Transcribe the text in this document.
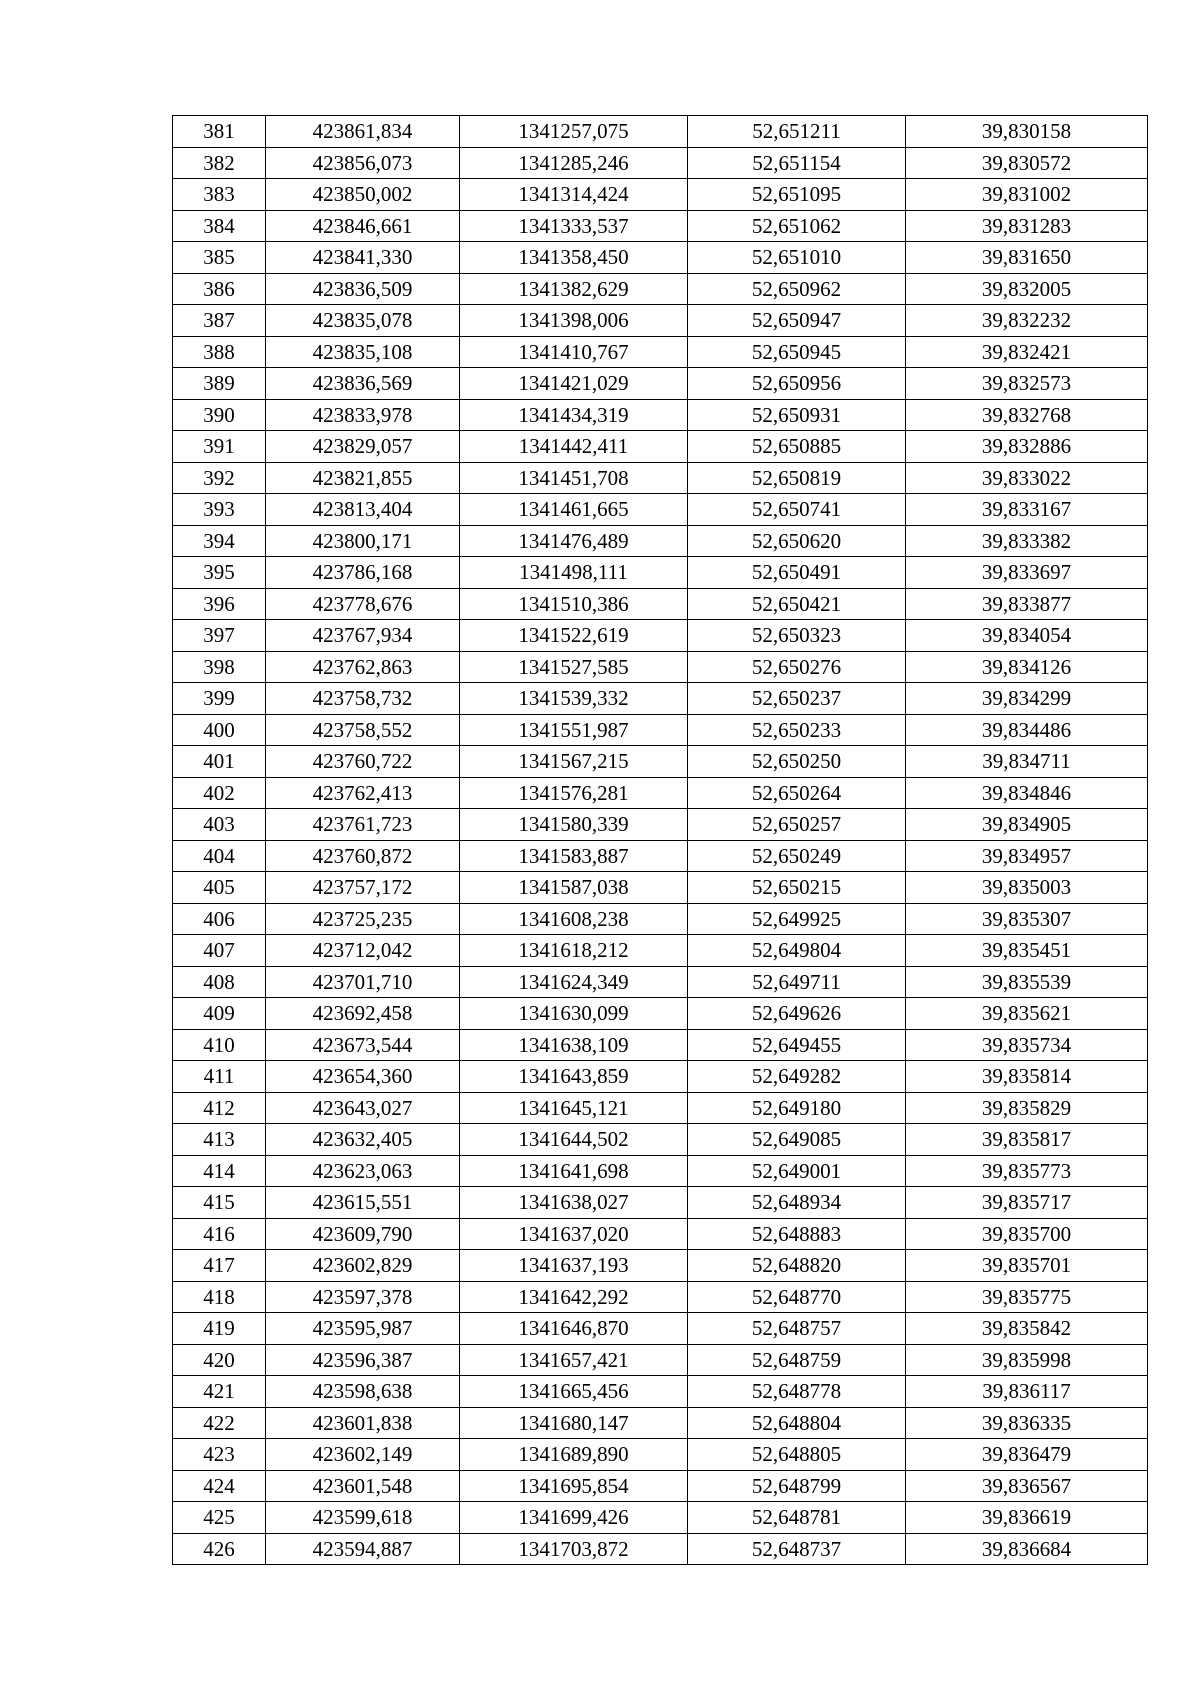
381	423861,834	1341257,075	52,651211	39,830158
382	423856,073	1341285,246	52,651154	39,830572
383	423850,002	1341314,424	52,651095	39,831002
384	423846,661	1341333,537	52,651062	39,831283
385	423841,330	1341358,450	52,651010	39,831650
386	423836,509	1341382,629	52,650962	39,832005
387	423835,078	1341398,006	52,650947	39,832232
388	423835,108	1341410,767	52,650945	39,832421
389	423836,569	1341421,029	52,650956	39,832573
390	423833,978	1341434,319	52,650931	39,832768
391	423829,057	1341442,411	52,650885	39,832886
392	423821,855	1341451,708	52,650819	39,833022
393	423813,404	1341461,665	52,650741	39,833167
394	423800,171	1341476,489	52,650620	39,833382
395	423786,168	1341498,111	52,650491	39,833697
396	423778,676	1341510,386	52,650421	39,833877
397	423767,934	1341522,619	52,650323	39,834054
398	423762,863	1341527,585	52,650276	39,834126
399	423758,732	1341539,332	52,650237	39,834299
400	423758,552	1341551,987	52,650233	39,834486
401	423760,722	1341567,215	52,650250	39,834711
402	423762,413	1341576,281	52,650264	39,834846
403	423761,723	1341580,339	52,650257	39,834905
404	423760,872	1341583,887	52,650249	39,834957
405	423757,172	1341587,038	52,650215	39,835003
406	423725,235	1341608,238	52,649925	39,835307
407	423712,042	1341618,212	52,649804	39,835451
408	423701,710	1341624,349	52,649711	39,835539
409	423692,458	1341630,099	52,649626	39,835621
410	423673,544	1341638,109	52,649455	39,835734
411	423654,360	1341643,859	52,649282	39,835814
412	423643,027	1341645,121	52,649180	39,835829
413	423632,405	1341644,502	52,649085	39,835817
414	423623,063	1341641,698	52,649001	39,835773
415	423615,551	1341638,027	52,648934	39,835717
416	423609,790	1341637,020	52,648883	39,835700
417	423602,829	1341637,193	52,648820	39,835701
418	423597,378	1341642,292	52,648770	39,835775
419	423595,987	1341646,870	52,648757	39,835842
420	423596,387	1341657,421	52,648759	39,835998
421	423598,638	1341665,456	52,648778	39,836117
422	423601,838	1341680,147	52,648804	39,836335
423	423602,149	1341689,890	52,648805	39,836479
424	423601,548	1341695,854	52,648799	39,836567
425	423599,618	1341699,426	52,648781	39,836619
426	423594,887	1341703,872	52,648737	39,836684
